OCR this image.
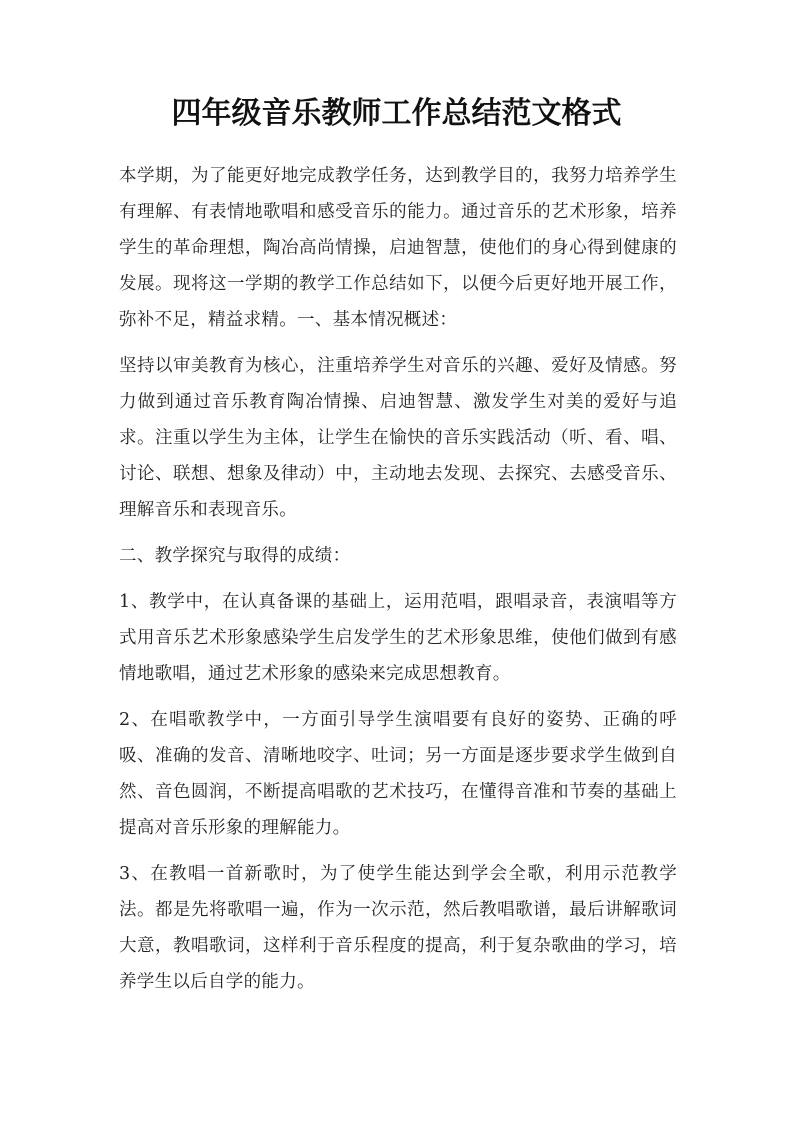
四年级音乐教师工作总结范文格式

本学期，为了能更好地完成教学任务，达到教学目的，我努力培养学生有理解、有表情地歌唱和感受音乐的能力。通过音乐的艺术形象，培养学生的革命理想，陶冶高尚情操，启迪智慧，使他们的身心得到健康的发展。现将这一学期的教学工作总结如下，以便今后更好地开展工作，弥补不足，精益求精。一、基本情况概述：

坚持以审美教育为核心，注重培养学生对音乐的兴趣、爱好及情感。努力做到通过音乐教育陶冶情操、启迪智慧、激发学生对美的爱好与追求。注重以学生为主体，让学生在愉快的音乐实践活动（听、看、唱、讨论、联想、想象及律动）中，主动地去发现、去探究、去感受音乐、理解音乐和表现音乐。

二、教学探究与取得的成绩：

1、教学中，在认真备课的基础上，运用范唱，跟唱录音，表演唱等方式用音乐艺术形象感染学生启发学生的艺术形象思维，使他们做到有感情地歌唱，通过艺术形象的感染来完成思想教育。

2、在唱歌教学中，一方面引导学生演唱要有良好的姿势、正确的呼吸、准确的发音、清晰地咬字、吐词；另一方面是逐步要求学生做到自然、音色圆润，不断提高唱歌的艺术技巧，在懂得音准和节奏的基础上提高对音乐形象的理解能力。

3、在教唱一首新歌时，为了使学生能达到学会全歌，利用示范教学法。都是先将歌唱一遍，作为一次示范，然后教唱歌谱，最后讲解歌词大意，教唱歌词，这样利于音乐程度的提高，利于复杂歌曲的学习，培养学生以后自学的能力。
